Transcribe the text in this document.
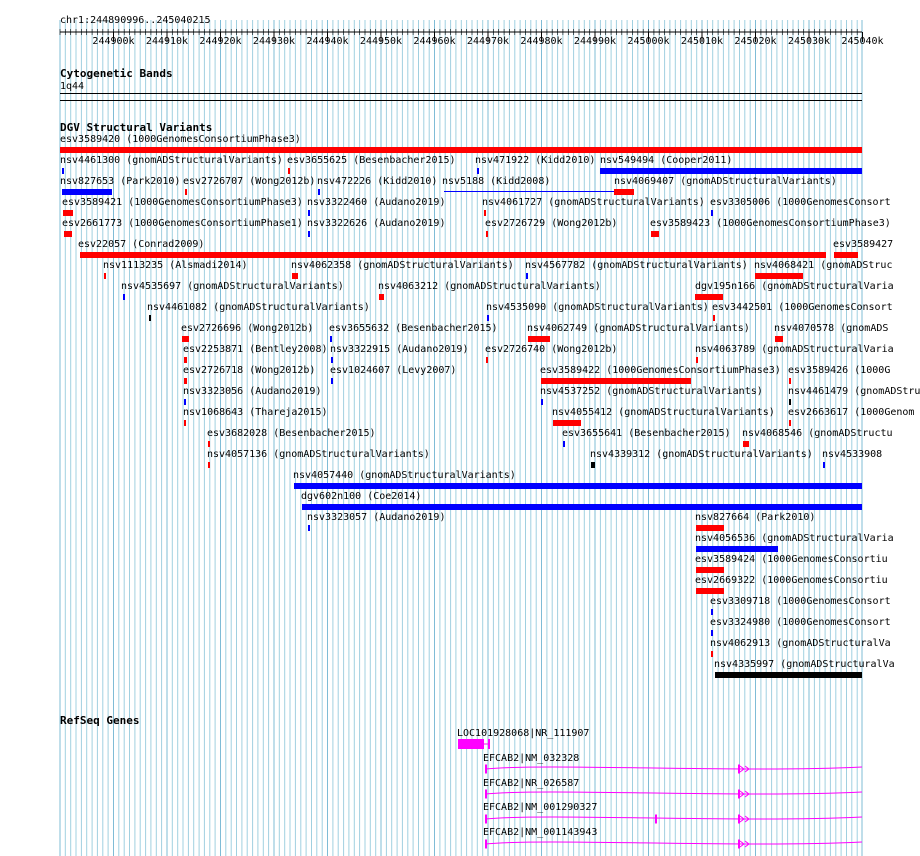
chr1:244890996..245040215
244900k 244910k 244920k 244930k 244940k 244950k 244960k 244970k 244980k 244990k 245000k 245010k 245020k 245030k 245040k
Cytogenetic Bands
1q44
DGV Structural Variants
esv3589420 (1000GenomesConsortiumPhase3)
nsv4461300 (gnomADStructuralVariants) esv3655625 (Besenbacher2015) nsv471922 (Kidd2010) nsv549494 (Cooper2011)
nsv827653 (Park2010) esv2726707 (Wong2012b) nsv472226 (Kidd2010) nsv5188 (Kidd2008)	nsv4069407 (gnomADStructuralVariants)
esv3589421 (1000GenomesConsortiumPhase3) nsv3322460 (Audano2019)	nsv4061727 (gnomADStructuralVariants) esv3305006 (1000GenomesConsort
esv2661773 (1000GenomesConsortiumPhase1) nsv3322626 (Audano2019)	esv2726729 (Wong2012b)	esv3589423 (1000GenomesConsortiumPhase3)
esv22057 (Conrad2009)	esv3589427
nsv1113235 (Alsmadi2014)	nsv4062358 (gnomADStructuralVariants) nsv4567782 (gnomADStructuralVariants) nsv4068421 (gnomADStruc
nsv4535697 (gnomADStructuralVariants)	nsv4063212 (gnomADStructuralVariants)	dgv195n166 (gnomADStructuralVaria
nsv4461082 (gnomADStructuralVariants)	nsv4535090 (gnomADStructuralVariants) esv3442501 (1000GenomesConsort
esv2726696 (Wong2012b) esv3655632 (Besenbacher2015)	nsv4062749 (gnomADStructuralVariants) nsv4070578 (gnomADS
esv2253871 (Bentley2008) nsv3322915 (Audano2019) esv2726740 (Wong2012b)	nsv4063789 (gnomADStructuralVaria
esv2726718 (Wong2012b) esv1024607 (Levy2007)	esv3589422 (1000GenomesConsortiumPhase3) esv3589426 (1000G
nsv3323056 (Audano2019)	nsv4537252 (gnomADStructuralVariants)	nsv4461479 (gnomADStru
nsv1068643 (Thareja2015)	nsv4055412 (gnomADStructuralVariants) esv2663617 (1000Genom
esv3682028 (Besenbacher2015)	esv3655641 (Besenbacher2015) nsv4068546 (gnomADStructu
nsv4057136 (gnomADStructuralVariants)	nsv4339312 (gnomADStructuralVariants) nsv4533908
nsv4057440 (gnomADStructuralVariants)
dgv602n100 (Coe2014)
nsv3323057 (Audano2019)	nsv827664 (Park2010)
nsv4056536 (gnomADStructuralVaria
esv3589424 (1000GenomesConsortiu
esv2669322 (1000GenomesConsortiu
esv3309718 (1000GenomesConsort
esv3324980 (1000GenomesConsort
nsv4062913 (gnomADStructuralVa
nsv4335997 (gnomADStructuralVa
RefSeq Genes
LOC101928068|NR_111907
EFCAB2|NM_032328
EFCAB2|NR_026587
EFCAB2|NM_001290327
EFCAB2|NM_001143943
